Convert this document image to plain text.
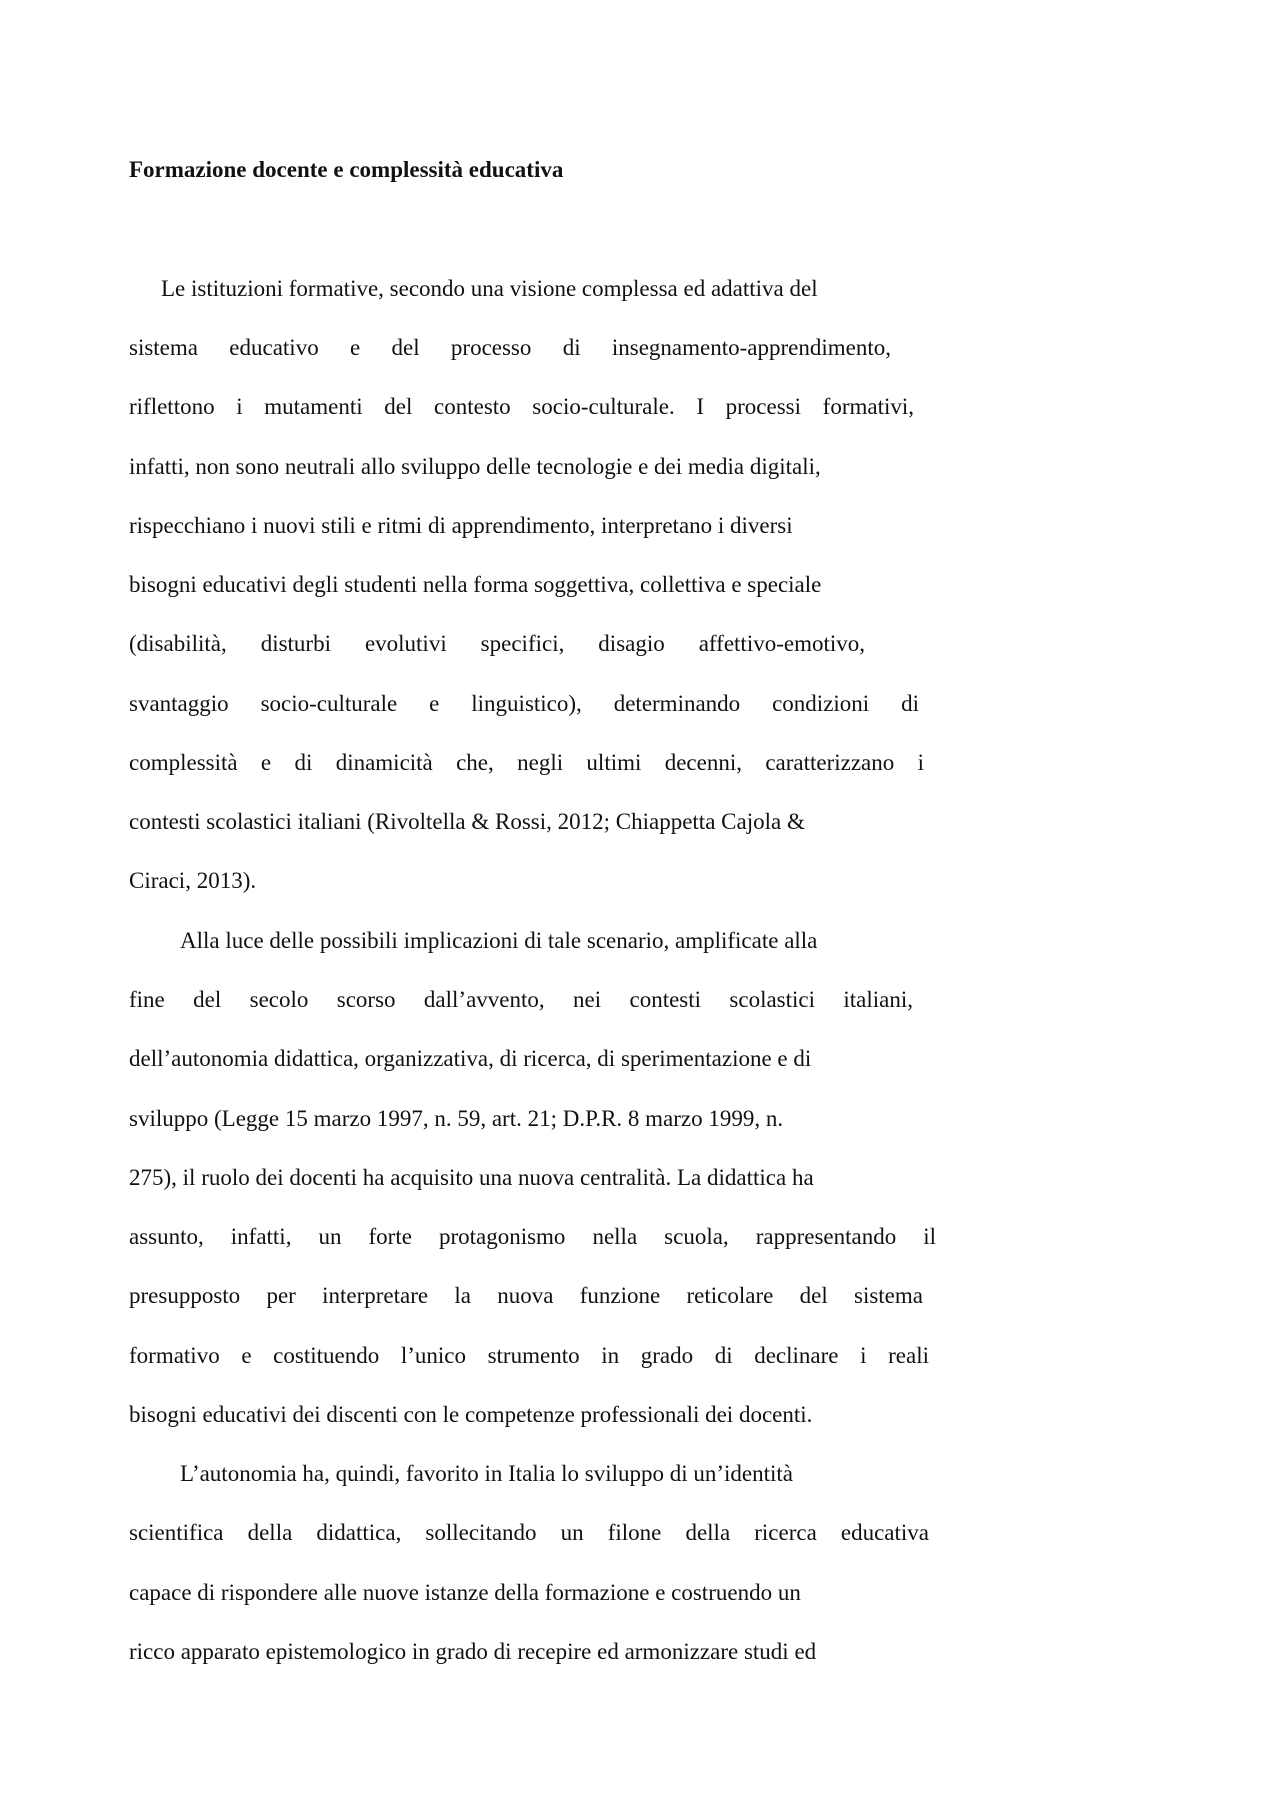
Formazione docente e complessità educativa

Le istituzioni formative, secondo una visione complessa ed adattiva del

sistema educativo e del processo di insegnamento-apprendimento,

riflettono i mutamenti del contesto socio-culturale. I processi formativi,

infatti, non sono neutrali allo sviluppo delle tecnologie e dei media digitali,

rispecchiano i nuovi stili e ritmi di apprendimento, interpretano i diversi

bisogni educativi degli studenti nella forma soggettiva, collettiva e speciale

(disabilità, disturbi evolutivi specifici, disagio affettivo-emotivo,

svantaggio socio-culturale e linguistico), determinando condizioni di

complessità e di dinamicità che, negli ultimi decenni, caratterizzano i

contesti scolastici italiani (Rivoltella & Rossi, 2012; Chiappetta Cajola &

Ciraci, 2013).

Alla luce delle possibili implicazioni di tale scenario, amplificate alla

fine del secolo scorso dall’avvento, nei contesti scolastici italiani,

dell’autonomia didattica, organizzativa, di ricerca, di sperimentazione e di

sviluppo (Legge 15 marzo 1997, n. 59, art. 21; D.P.R. 8 marzo 1999, n.

275), il ruolo dei docenti ha acquisito una nuova centralità. La didattica ha

assunto, infatti, un forte protagonismo nella scuola, rappresentando il

presupposto per interpretare la nuova funzione reticolare del sistema

formativo e costituendo l’unico strumento in grado di declinare i reali

bisogni educativi dei discenti con le competenze professionali dei docenti.

L’autonomia ha, quindi, favorito in Italia lo sviluppo di un’identità

scientifica della didattica, sollecitando un filone della ricerca educativa

capace di rispondere alle nuove istanze della formazione e costruendo un

ricco apparato epistemologico in grado di recepire ed armonizzare studi ed
